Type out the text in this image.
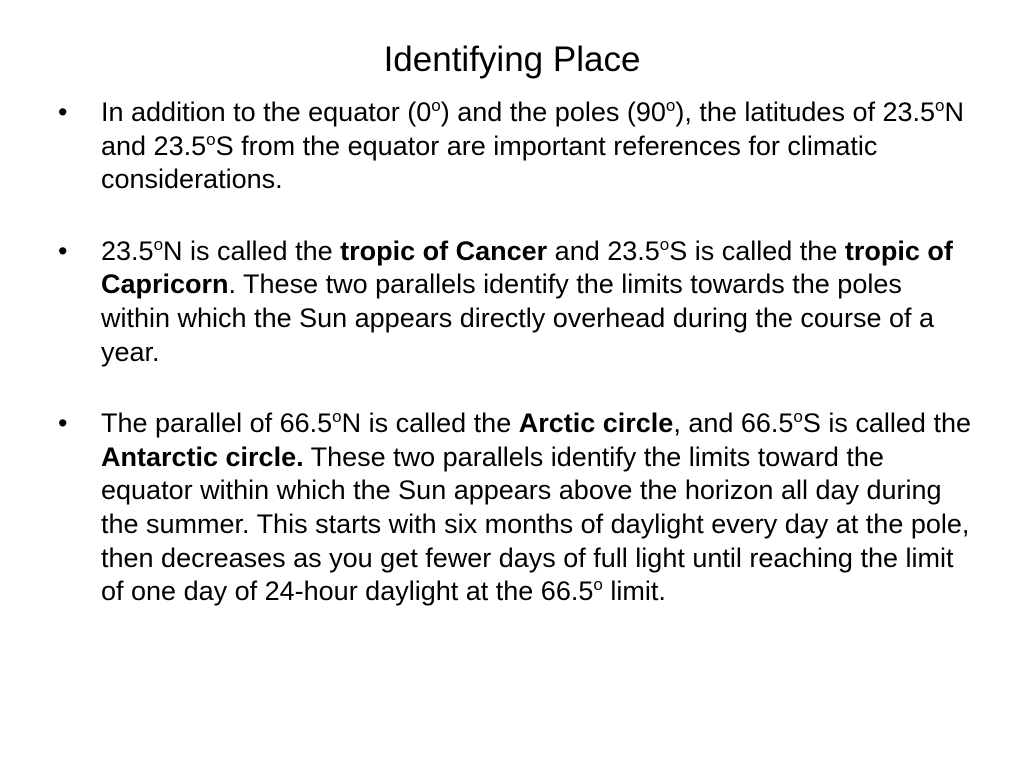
Identifying Place
•	In addition to the equator (0$^o$) and the poles (90$^o$), the latitudes of 23.5$^o$N and 23.5$^o$S from the equator are important references for climatic considerations.
•	23.5$^o$N is called the tropic of Cancer and 23.5$^o$S is called the tropic of Capricorn. These two parallels identify the limits towards the poles within which the Sun appears directly overhead during the course of a year.
•	The parallel of 66.5$^o$N is called the Arctic circle, and 66.5$^o$S is called the Antarctic circle. These two parallels identify the limits toward the equator within which the Sun appears above the horizon all day during the summer. This starts with six months of daylight every day at the pole, then decreases as you get fewer days of full light until reaching the limit of one day of 24-hour daylight at the 66.5$^o$ limit.
